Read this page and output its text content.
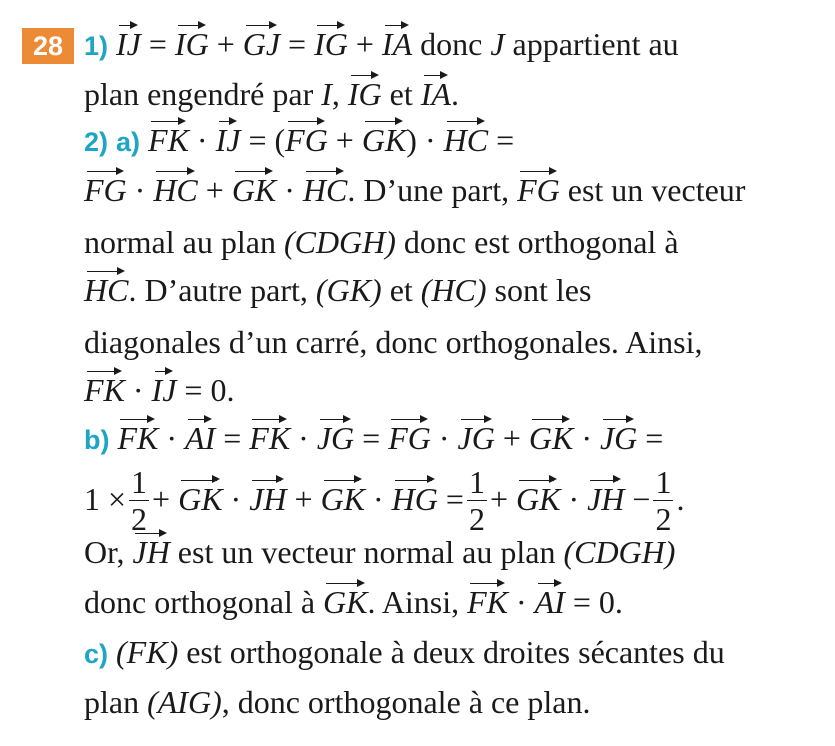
28 1) IJ = IG + GJ = IG + IA donc J appartient au
plan engendré par I, IG et IA.
2) a) FK · IJ = (FG + GK) · HC =
FG · HC + GK · HC. D’une part, FG est un vecteur
normal au plan (CDGH) donc est orthogonal à
HC. D’autre part, (GK) et (HC) sont les
diagonales d’un carré, donc orthogonales. Ainsi,
FK · IJ = 0.
b) FK · AI = FK · JG = FG · JG + GK · JG =
$1 \times \frac{1}{2}$ + GK · JH + GK · HG = $\frac{1}{2}$ + GK · JH − $\frac{1}{2}$ .
Or, JH est un vecteur normal au plan (CDGH)
donc orthogonal à GK. Ainsi, FK · AI = 0.
c) (FK) est orthogonale à deux droites sécantes du
plan (AIG), donc orthogonale à ce plan.
